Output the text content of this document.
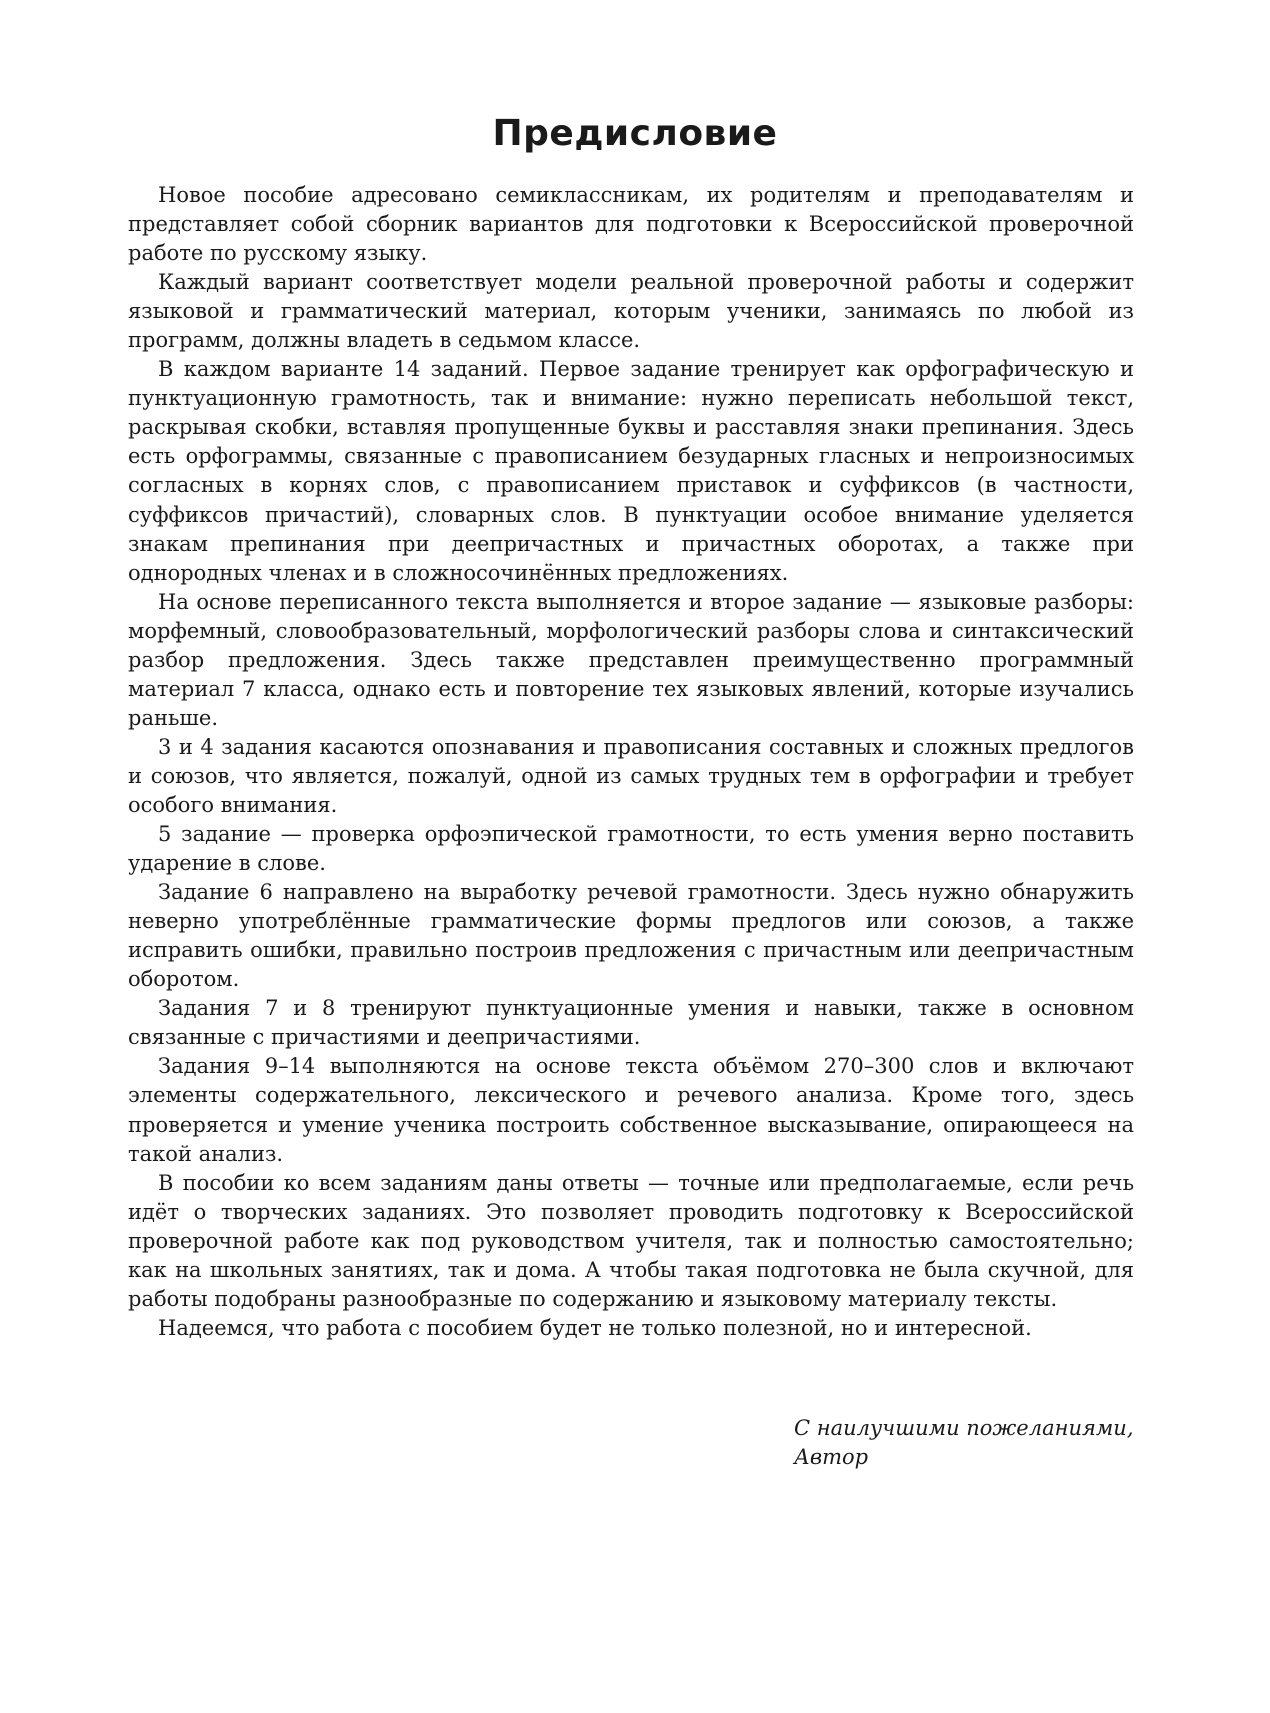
Предисловие

Новое пособие адресовано семиклассникам, их родителям и преподавателям и представляет собой сборник вариантов для подготовки к Всероссийской проверочной работе по русскому языку.

Каждый вариант соответствует модели реальной проверочной работы и содержит языковой и грамматический материал, которым ученики, занимаясь по любой из программ, должны владеть в седьмом классе.

В каждом варианте 14 заданий. Первое задание тренирует как орфографическую и пунктуационную грамотность, так и внимание: нужно переписать небольшой текст, раскрывая скобки, вставляя пропущенные буквы и расставляя знаки препинания. Здесь есть орфограммы, связанные с правописанием безударных гласных и непроизносимых согласных в корнях слов, с правописанием приставок и суффиксов (в частности, суффиксов причастий), словарных слов. В пунктуации особое внимание уделяется знакам препинания при деепричастных и причастных оборотах, а также при однородных членах и в сложносочинённых предложениях.

На основе переписанного текста выполняется и второе задание — языковые разборы: морфемный, словообразовательный, морфологический разборы слова и синтаксический разбор предложения. Здесь также представлен преимущественно программный материал 7 класса, однако есть и повторение тех языковых явлений, которые изучались раньше.

3 и 4 задания касаются опознавания и правописания составных и сложных предлогов и союзов, что является, пожалуй, одной из самых трудных тем в орфографии и требует особого внимания.

5 задание — проверка орфоэпической грамотности, то есть умения верно поставить ударение в слове.

Задание 6 направлено на выработку речевой грамотности. Здесь нужно обнаружить неверно употреблённые грамматические формы предлогов или союзов, а также исправить ошибки, правильно построив предложения с причастным или деепричастным оборотом.

Задания 7 и 8 тренируют пунктуационные умения и навыки, также в основном связанные с причастиями и деепричастиями.

Задания 9–14 выполняются на основе текста объёмом 270–300 слов и включают элементы содержательного, лексического и речевого анализа. Кроме того, здесь проверяется и умение ученика построить собственное высказывание, опирающееся на такой анализ.

В пособии ко всем заданиям даны ответы — точные или предполагаемые, если речь идёт о творческих заданиях. Это позволяет проводить подготовку к Всероссийской проверочной работе как под руководством учителя, так и полностью самостоятельно; как на школьных занятиях, так и дома. А чтобы такая подготовка не была скучной, для работы подобраны разнообразные по содержанию и языковому материалу тексты.

Надеемся, что работа с пособием будет не только полезной, но и интересной.

С наилучшими пожеланиями,
Автор
